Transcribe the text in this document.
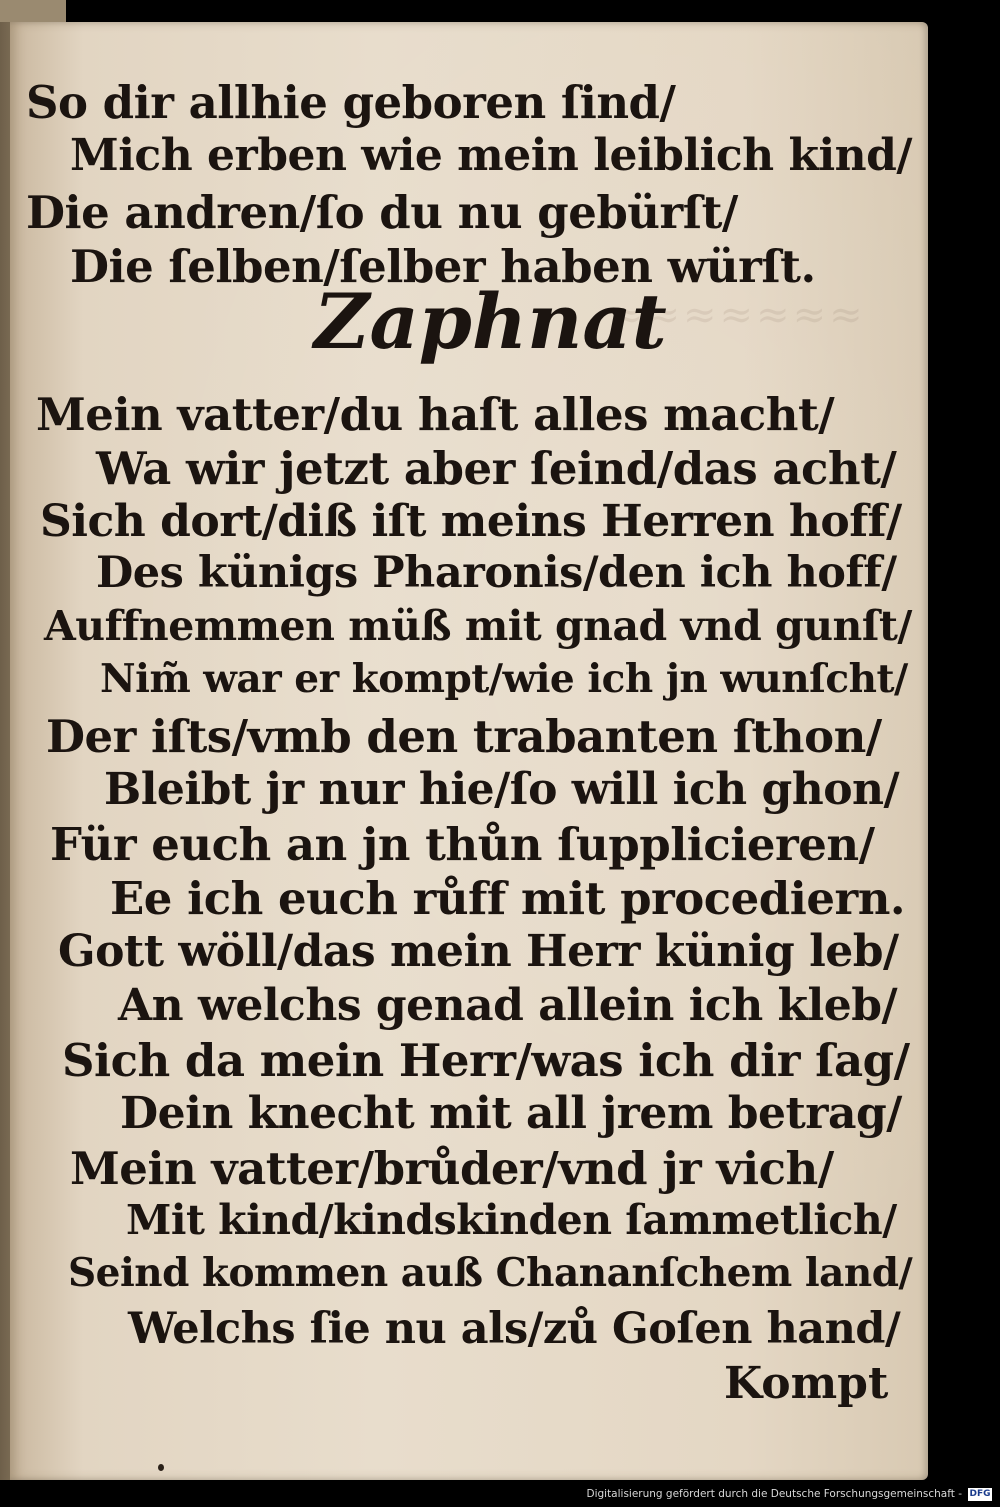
≈≈≈≈≈≈≈
So dir allhie geboren ſind/
Mich erben wie mein leiblich kind/
Die andren/ſo du nu gebürſt/
Die ſelben/ſelber haben würſt.
Zaphnat
Mein vatter/du haſt alles macht/
Wa wir jetzt aber ſeind/das acht/
Sich dort/diß iſt meins Herren hoff/
Des künigs Pharonis/den ich hoff/
Auffnemmen müß mit gnad vnd gunſt/
Nim̃ war er kompt/wie ich jn wunſcht/
Der iſts/vmb den trabanten ſthon/
Bleibt jr nur hie/ſo will ich ghon/
Für euch an jn thůn ſupplicieren/
Ee ich euch růff mit procediern.
Gott wöll/das mein Herr künig leb/
An welchs genad allein ich kleb/
Sich da mein Herr/was ich dir ſag/
Dein knecht mit all jrem betrag/
Mein vatter/brůder/vnd jr vich/
Mit kind/kindskinden ſammetlich/
Seind kommen auß Chananſchem land/
Welchs ſie nu als/zů Goſen hand/
Kompt
Digitalisierung gefördert durch die Deutsche Forschungsgemeinschaft - DFG
